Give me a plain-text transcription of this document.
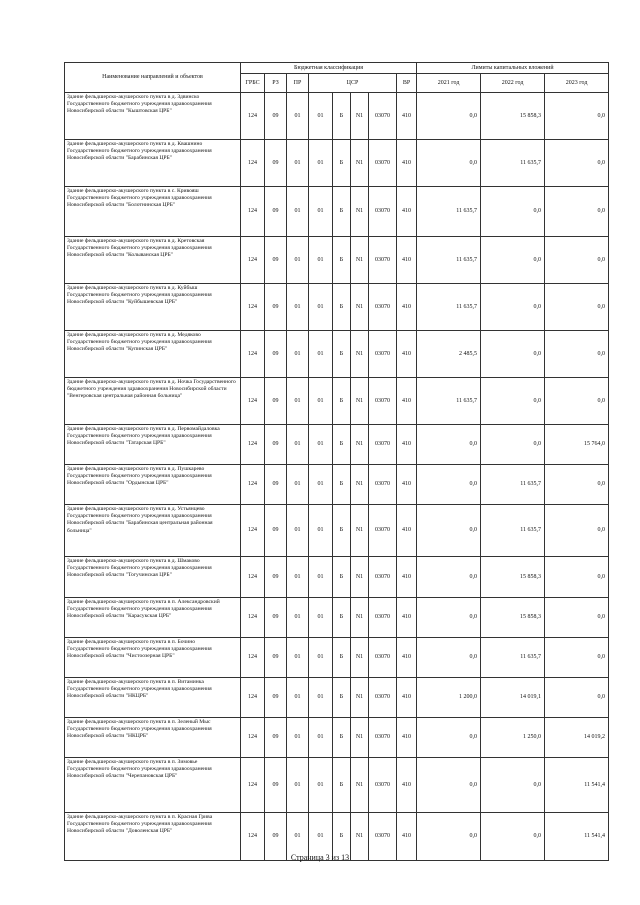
Наименование направлений и объектов	Бюджетная классификация								Лимиты капитальных вложений		
	ГРБС	РЗ	ПР	ЦСР				ВР	2021 год	2022 год	2023 год
Здание фельдшерско-акушерского пункта в д. Здвинско Государственного бюджетного учреждения здравоохранения Новосибирской области "Кыштовская ЦРБ"	124	09	01	01	Б	N1	03070	410	0,0	15 858,3	0,0
Здание фельдшерско-акушерского пункта в д. Квашнино Государственного бюджетного учреждения здравоохранения Новосибирской области "Барабинская ЦРБ"	124	09	01	01	Б	N1	03070	410	0,0	11 635,7	0,0
Здание фельдшерско-акушерского пункта в с. Кривояш Государственного бюджетного учреждения здравоохранения Новосибирской области "Болотнинская ЦРБ"	124	09	01	01	Б	N1	03070	410	11 635,7	0,0	0,0
Здание фельдшерско-акушерского пункта в д. Кретовская Государственного бюджетного учреждения здравоохранения Новосибирской области "Колыванская ЦРБ"	124	09	01	01	Б	N1	03070	410	11 635,7	0,0	0,0
Здание фельдшерско-акушерского пункта в д. Куйбыш Государственного бюджетного учреждения здравоохранения Новосибирской области "Куйбышевская ЦРБ"	124	09	01	01	Б	N1	03070	410	11 635,7	0,0	0,0
Здание фельдшерско-акушерского пункта в д. Медяково Государственного бюджетного учреждения здравоохранения Новосибирской области "Купинская ЦРБ"	124	09	01	01	Б	N1	03070	410	2 485,5	0,0	0,0
Здание фельдшерско-акушерского пункта в д. Ночка Государственного бюджетного учреждения здравоохранения Новосибирской области "Венгеровская центральная районная больница"	124	09	01	01	Б	N1	03070	410	11 635,7	0,0	0,0
Здание фельдшерско-акушерского пункта в д. Первомайдаловка Государственного бюджетного учреждения здравоохранения Новосибирской области "Татарская ЦРБ"	124	09	01	01	Б	N1	03070	410	0,0	0,0	15 764,0
Здание фельдшерско-акушерского пункта в д. Пушкарево Государственного бюджетного учреждения здравоохранения Новосибирской области "Ордынская ЦРБ"	124	09	01	01	Б	N1	03070	410	0,0	11 635,7	0,0
Здание фельдшерско-акушерского пункта в д. Устьянцево Государственного бюджетного учреждения здравоохранения Новосибирской области "Барабинская центральная районная больница"	124	09	01	01	Б	N1	03070	410	0,0	11 635,7	0,0
Здание фельдшерско-акушерского пункта в д. Шмаково Государственного бюджетного учреждения здравоохранения Новосибирской области "Тогучинская ЦРБ"	124	09	01	01	Б	N1	03070	410	0,0	15 858,3	0,0
Здание фельдшерско-акушерского пункта в п. Александровский Государственного бюджетного учреждения здравоохранения Новосибирской области "Карасукская ЦРБ"	124	09	01	01	Б	N1	03070	410	0,0	15 858,3	0,0
Здание фельдшерско-акушерского пункта в п. Бочино Государственного бюджетного учреждения здравоохранения Новосибирской области "Чистоозерная ЦРБ"	124	09	01	01	Б	N1	03070	410	0,0	11 635,7	0,0
Здание фельдшерско-акушерского пункта в п. Витаминка Государственного бюджетного учреждения здравоохранения Новосибирской области "НКЦРБ"	124	09	01	01	Б	N1	03070	410	1 200,0	14 019,1	0,0
Здание фельдшерско-акушерского пункта в п. Зеленый Мыс Государственного бюджетного учреждения здравоохранения Новосибирской области "НКЦРБ"	124	09	01	01	Б	N1	03070	410	0,0	1 250,0	14 019,2
Здание фельдшерско-акушерского пункта в п. Зимовье Государственного бюджетного учреждения здравоохранения Новосибирской области "Черепановская ЦРБ"	124	09	01	01	Б	N1	03070	410	0,0	0,0	11 541,4
Здание фельдшерско-акушерского пункта в п. Красная Грива Государственного бюджетного учреждения здравоохранения Новосибирской области "Доволенская ЦРБ"	124	09	01	01	Б	N1	03070	410	0,0	0,0	11 541,4
Страница 3 из 13
